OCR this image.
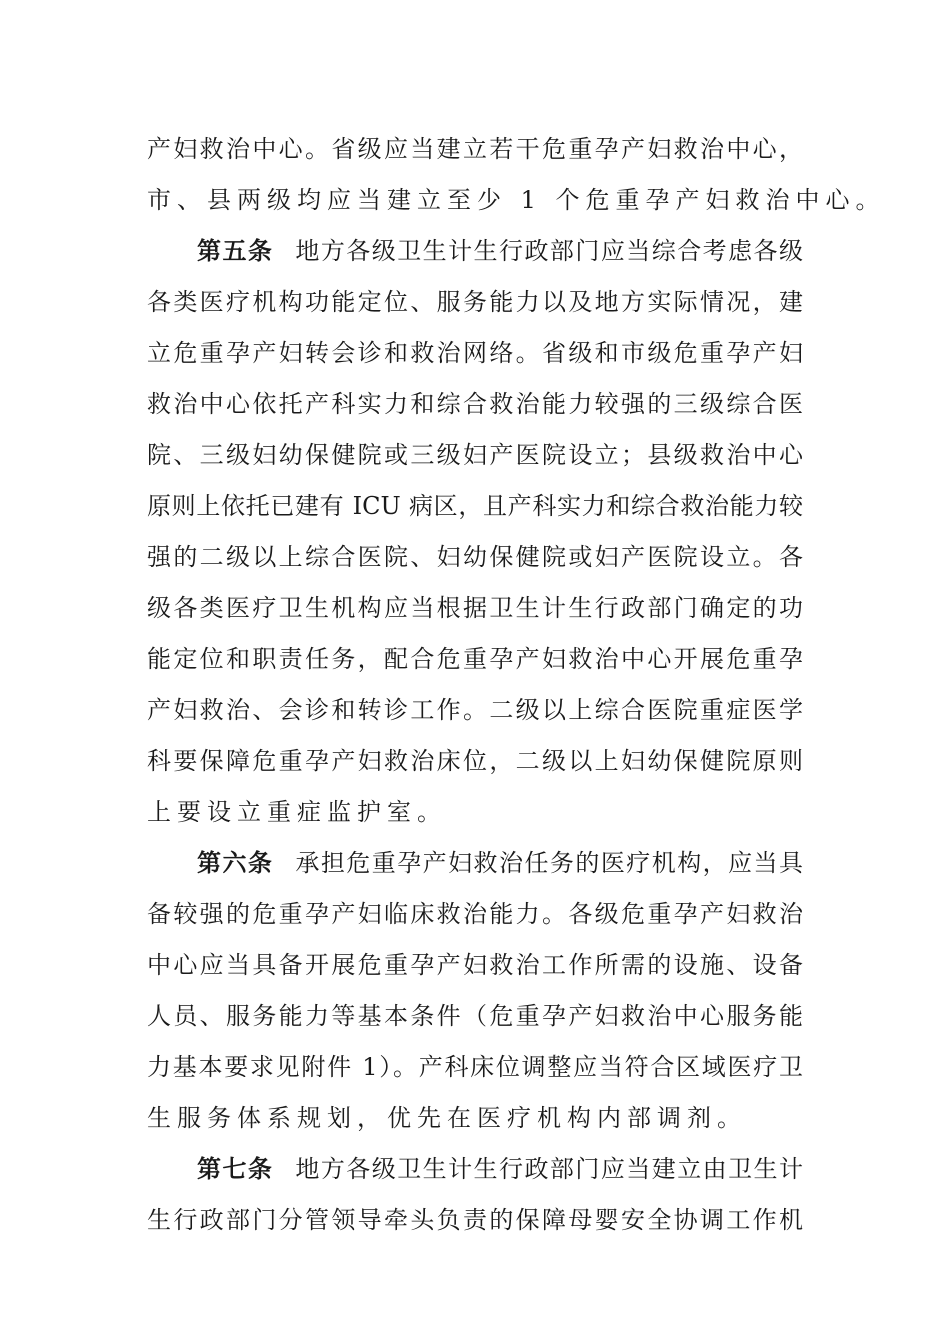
产妇救治中心。省级应当建立若干危重孕产妇救治中心，
市、县两级均应当建立至少 1 个危重孕产妇救治中心。
第五条 地方各级卫生计生行政部门应当综合考虑各级
各类医疗机构功能定位、服务能力以及地方实际情况，建
立危重孕产妇转会诊和救治网络。省级和市级危重孕产妇
救治中心依托产科实力和综合救治能力较强的三级综合医
院、三级妇幼保健院或三级妇产医院设立；县级救治中心
原则上依托已建有 ICU 病区，且产科实力和综合救治能力较
强的二级以上综合医院、妇幼保健院或妇产医院设立。各
级各类医疗卫生机构应当根据卫生计生行政部门确定的功
能定位和职责任务，配合危重孕产妇救治中心开展危重孕
产妇救治、会诊和转诊工作。二级以上综合医院重症医学
科要保障危重孕产妇救治床位，二级以上妇幼保健院原则
上要设立重症监护室。
第六条 承担危重孕产妇救治任务的医疗机构，应当具
备较强的危重孕产妇临床救治能力。各级危重孕产妇救治
中心应当具备开展危重孕产妇救治工作所需的设施、设备
人员、服务能力等基本条件（危重孕产妇救治中心服务能
力基本要求见附件 1）。产科床位调整应当符合区域医疗卫
生服务体系规划，优先在医疗机构内部调剂。
第七条 地方各级卫生计生行政部门应当建立由卫生计
生行政部门分管领导牵头负责的保障母婴安全协调工作机
